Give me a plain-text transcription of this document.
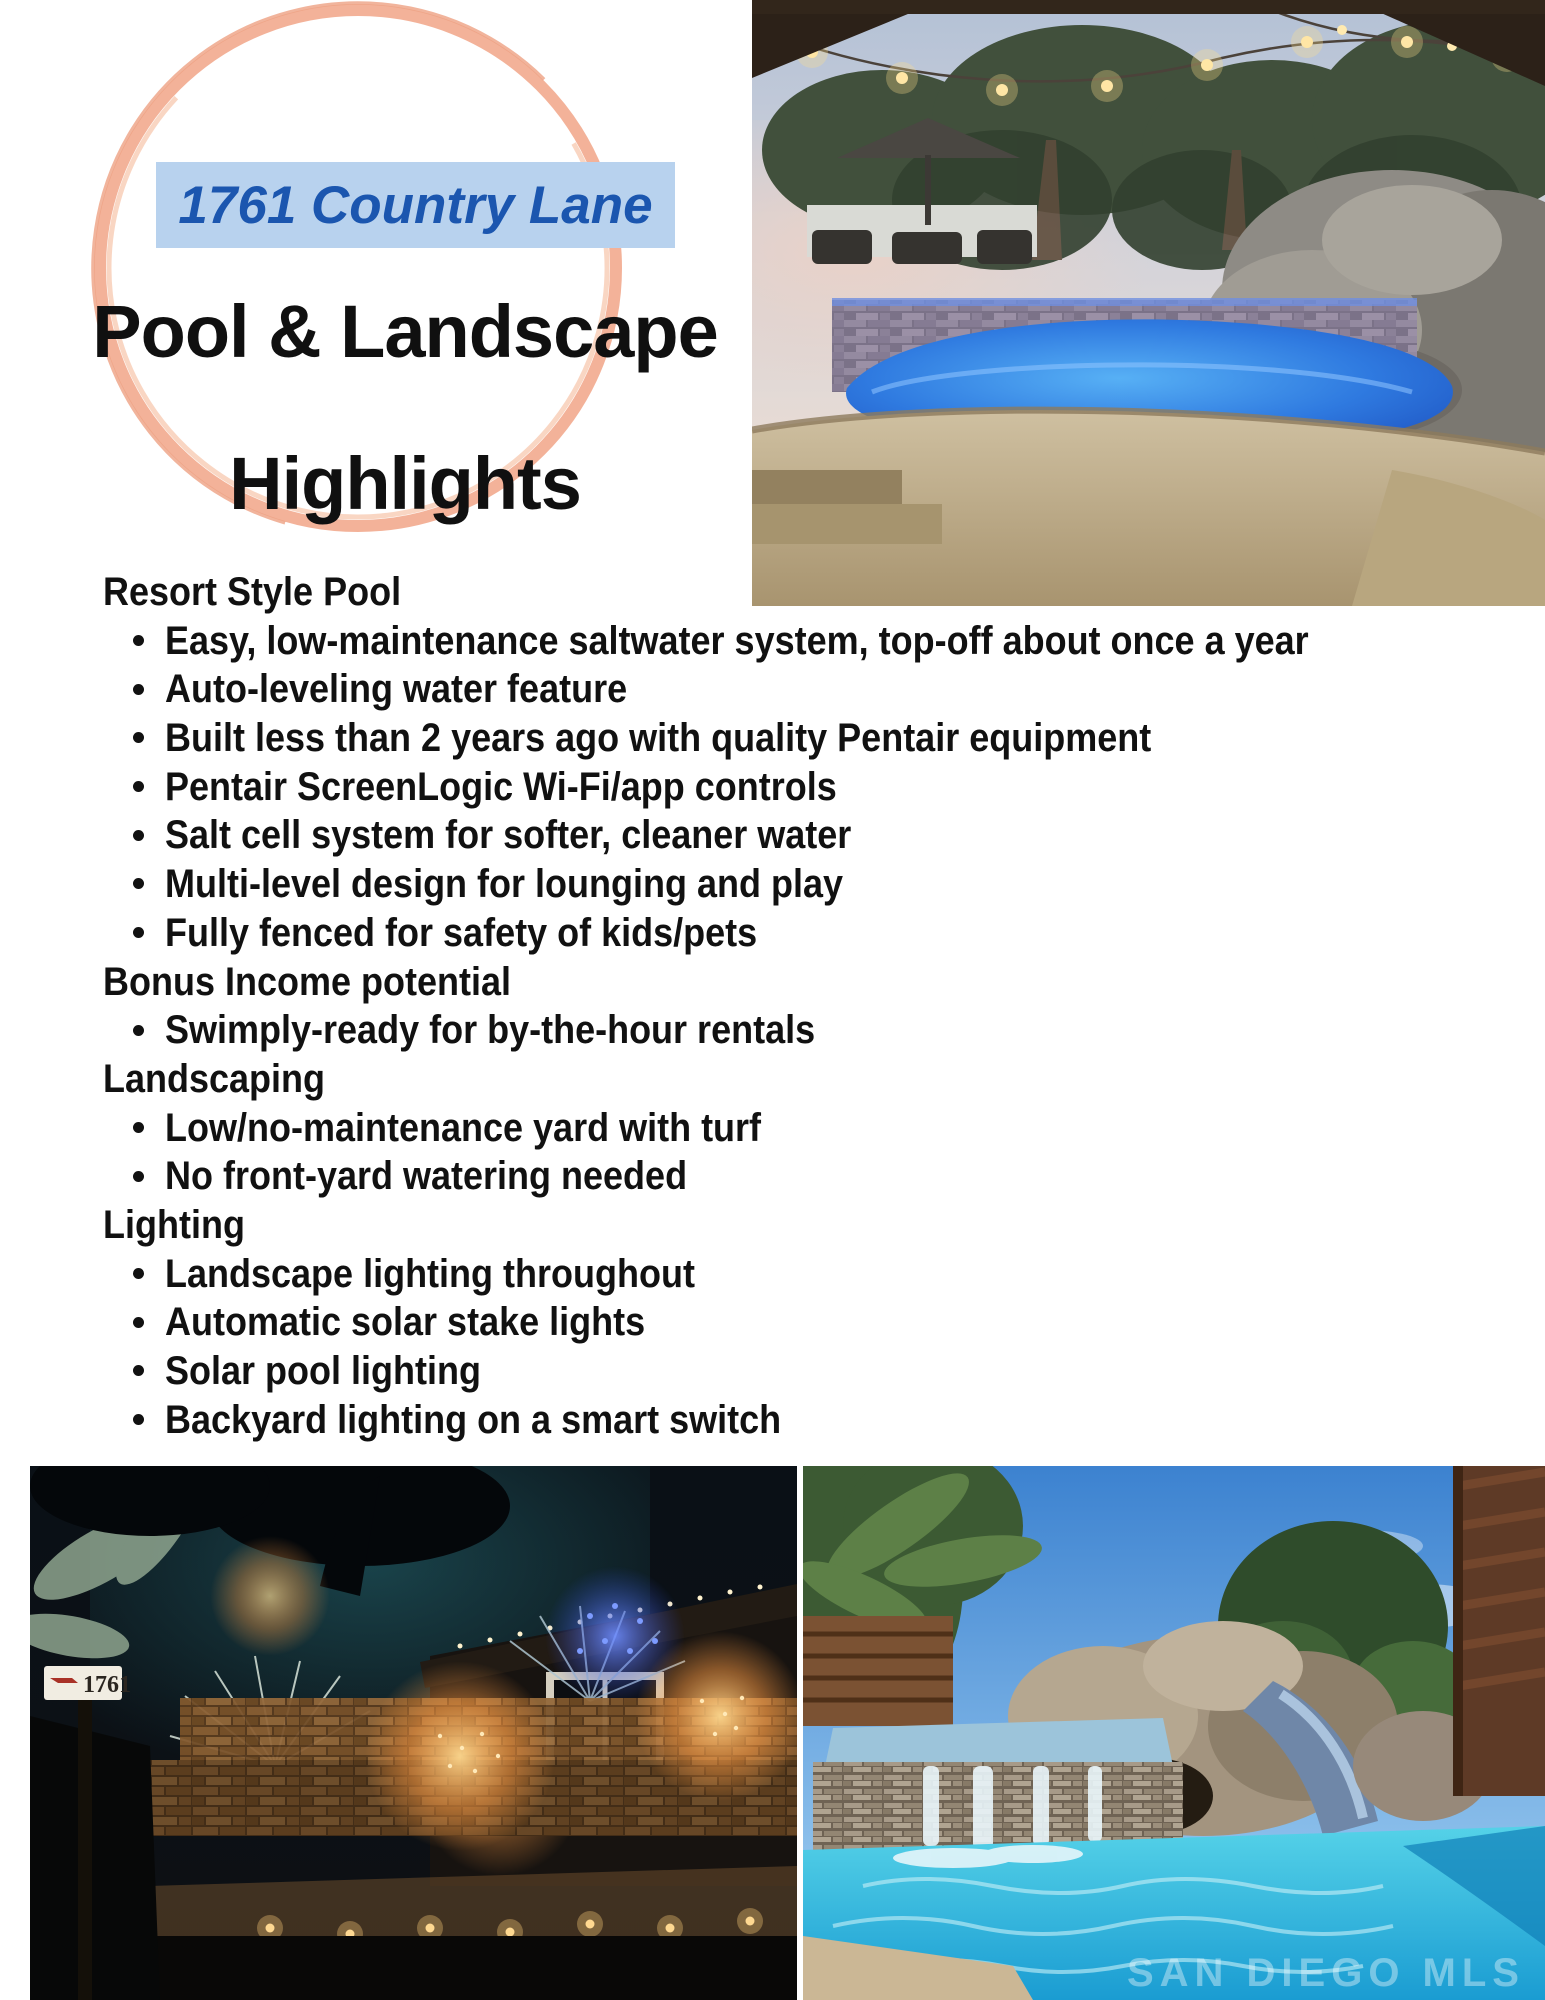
1761 Country Lane
Pool & Landscape
Highlights
Resort Style Pool
Easy, low-maintenance saltwater system, top-off about once a year
Auto-leveling water feature
Built less than 2 years ago with quality Pentair equipment
Pentair ScreenLogic Wi-Fi/app controls
Salt cell system for softer, cleaner water
Multi-level design for lounging and play
Fully fenced for safety of kids/pets
Bonus Income potential
Swimply-ready for by-the-hour rentals
Landscaping
Low/no-maintenance yard with turf
No front-yard watering needed
Lighting
Landscape lighting throughout
Automatic solar stake lights
Solar pool lighting
Backyard lighting on a smart switch
1761
SAN DIEGO MLS
